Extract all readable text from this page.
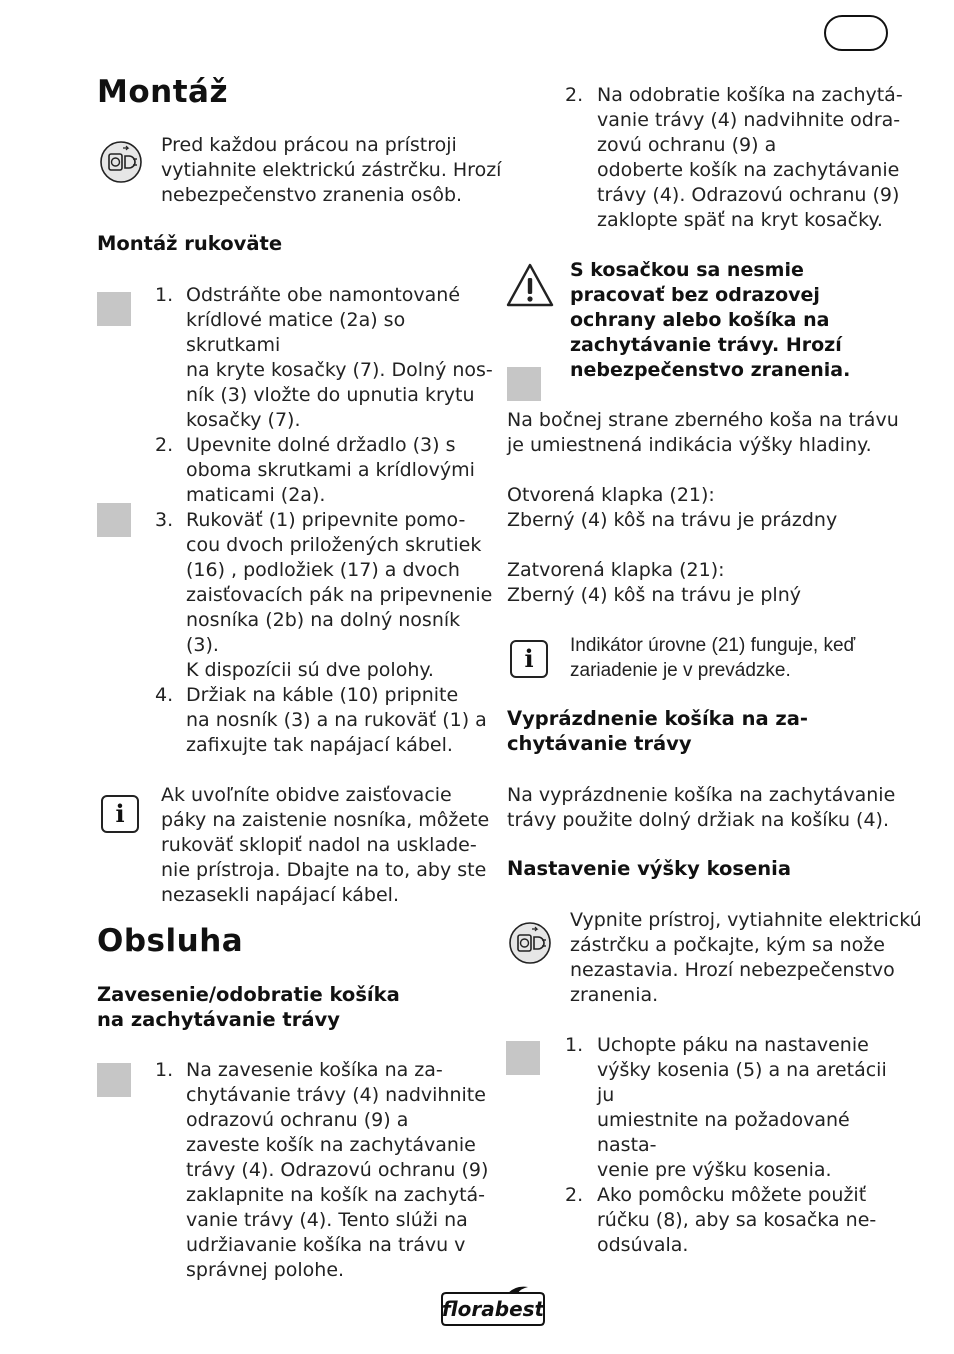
Montáž
Pred každou prácou na prístroji
vytiahnite elektrickú zástrčku. Hrozí
nebezpečenstvo zranenia osôb.
Montáž rukoväte
1. Odstráňte obe namontované
krídlové matice (2a) so skrutkami
na kryte kosačky (7). Dolný nos-
ník (3) vložte do upnutia krytu
kosačky (7).
2. Upevnite dolné držadlo (3) s
oboma skrutkami a krídlovými
maticami (2a).
3. Rukoväť (1) pripevnite pomo-
cou dvoch priložených skrutiek
(16) , podložiek (17) a dvoch
zaisťovacích pák na pripevnenie
nosníka (2b) na dolný nosník
(3).
K dispozícii sú dve polohy.
4. Držiak na káble (10) pripnite
na nosník (3) a na rukoväť (1) a
zafixujte tak napájací kábel.
i
Ak uvoľníte obidve zaisťovacie
páky na zaistenie nosníka, môžete
rukoväť sklopiť nadol na usklade-
nie prístroja. Dbajte na to, aby ste
nezasekli napájací kábel.
Obsluha
Zavesenie/odobratie košíka
na zachytávanie trávy
1. Na zavesenie košíka na za-
chytávanie trávy (4) nadvihnite
odrazovú ochranu (9) a
zaveste košík na zachytávanie
trávy (4). Odrazovú ochranu (9)
zaklapnite na košík na zachytá-
vanie trávy (4). Tento slúži na
udržiavanie košíka na trávu v
správnej polohe.
2. Na odobratie košíka na zachytá-
vanie trávy (4) nadvihnite odra-
zovú ochranu (9) a
odoberte košík na zachytávanie
trávy (4). Odrazovú ochranu (9)
zaklopte späť na kryt kosačky.
S kosačkou sa nesmie
pracovať bez odrazovej
ochrany alebo košíka na
zachytávanie trávy. Hrozí
nebezpečenstvo zranenia.
Na bočnej strane zberného koša na trávu
je umiestnená indikácia výšky hladiny.
Otvorená klapka (21):
Zberný (4) kôš na trávu je prázdny
Zatvorená klapka (21):
Zberný (4) kôš na trávu je plný
i	Indikátor úrovne (21) funguje, keď
zariadenie je v prevádzke.
Vyprázdnenie košíka na za-
chytávanie trávy
Na vyprázdnenie košíka na zachytávanie
trávy použite dolný držiak na košíku (4).
Nastavenie výšky kosenia
Vypnite prístroj, vytiahnite elektrickú
zástrčku a počkajte, kým sa nože
nezastavia. Hrozí nebezpečenstvo
zranenia.
1. Uchopte páku na nastavenie
výšky kosenia (5) a na aretácii ju
umiestnite na požadované nasta-
venie pre výšku kosenia.
2. Ako pomôcku môžete použiť
rúčku (8), aby sa kosačka ne-
odsúvala.
florabest
